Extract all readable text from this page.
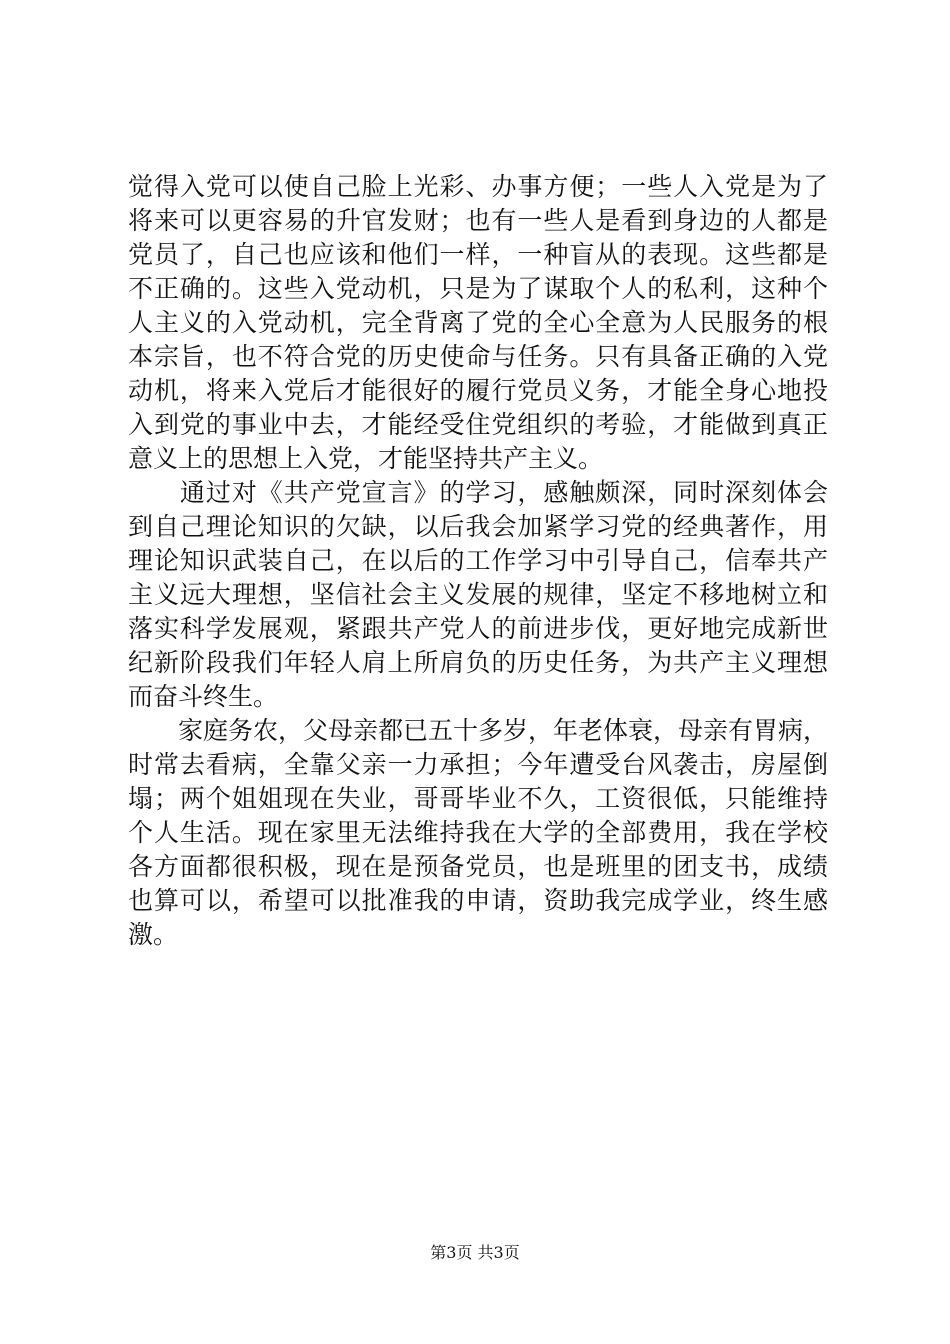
觉得入党可以使自己脸上光彩、办事方便；一些人入党是为了
将来可以更容易的升官发财；也有一些人是看到身边的人都是
党员了，自己也应该和他们一样，一种盲从的表现。这些都是
不正确的。这些入党动机，只是为了谋取个人的私利，这种个
人主义的入党动机，完全背离了党的全心全意为人民服务的根
本宗旨，也不符合党的历史使命与任务。只有具备正确的入党
动机，将来入党后才能很好的履行党员义务，才能全身心地投
入到党的事业中去，才能经受住党组织的考验，才能做到真正
意义上的思想上入党，才能坚持共产主义。
　　通过对《共产党宣言》的学习，感触颇深，同时深刻体会
到自己理论知识的欠缺，以后我会加紧学习党的经典著作，用
理论知识武装自己，在以后的工作学习中引导自己，信奉共产
主义远大理想，坚信社会主义发展的规律，坚定不移地树立和
落实科学发展观，紧跟共产党人的前进步伐，更好地完成新世
纪新阶段我们年轻人肩上所肩负的历史任务，为共产主义理想
而奋斗终生。
　　家庭务农，父母亲都已五十多岁，年老体衰，母亲有胃病，
时常去看病，全靠父亲一力承担；今年遭受台风袭击，房屋倒
塌；两个姐姐现在失业，哥哥毕业不久，工资很低，只能维持
个人生活。现在家里无法维持我在大学的全部费用，我在学校
各方面都很积极，现在是预备党员，也是班里的团支书，成绩
也算可以，希望可以批准我的申请，资助我完成学业，终生感
激。
第3页 共3页
